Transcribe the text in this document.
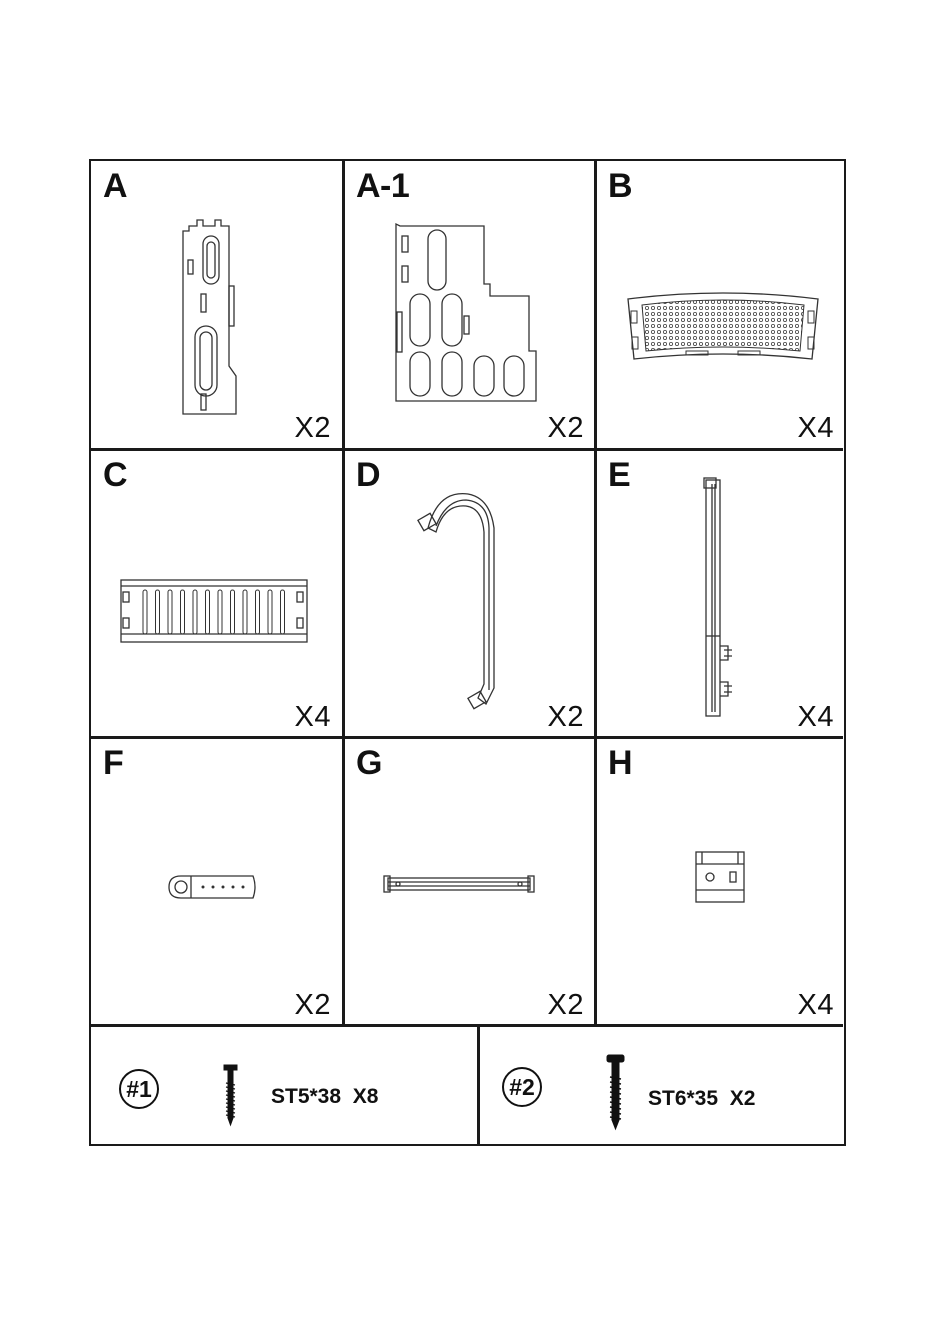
A
X2
A-1
X2
B
X4
C
X4
D
X2
E
X4
F
X2
G
X2
H
X4
#1	ST5*38 X8	#2	ST6*35 X2
